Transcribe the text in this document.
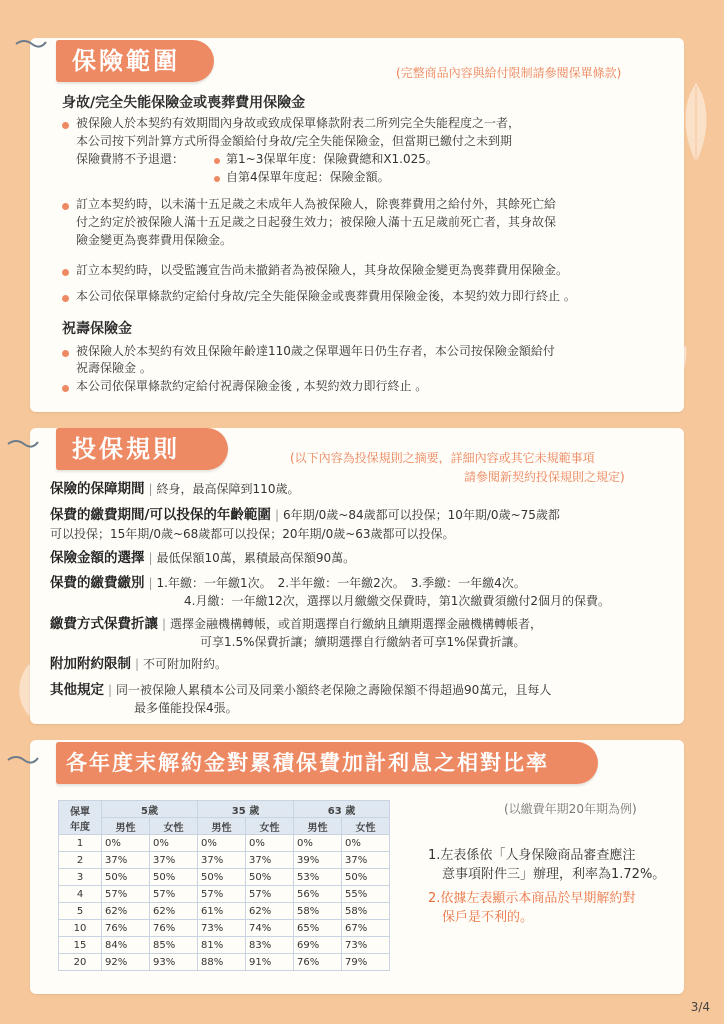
保險範圍	(完整商品內容與給付限制請參閱保單條款)
身故/完全失能保險金或喪葬費用保險金
被保險人於本契約有效期間內身故或致成保單條款附表二所列完全失能程度之一者，
本公司按下列計算方式所得金額給付身故/完全失能保險金，但當期已繳付之未到期
保險費將不予退還：	第1~3保單年度：保險費總和X1.025。
自第4保單年度起：保險金額。
訂立本契約時，以未滿十五足歲之未成年人為被保險人，除喪葬費用之給付外，其餘死亡給
付之約定於被保險人滿十五足歲之日起發生效力；被保險人滿十五足歲前死亡者，其身故保
險金變更為喪葬費用保險金。
訂立本契約時，以受監護宣告尚未撤銷者為被保險人，其身故保險金變更為喪葬費用保險金。
本公司依保單條款約定給付身故/完全失能保險金或喪葬費用保險金後，本契約效力即行終止 。
祝壽保險金
被保險人於本契約有效且保險年齡達110歲之保單週年日仍生存者，本公司按保險金額給付
祝壽保險金 。
本公司依保單條款約定給付祝壽保險金後 , 本契約效力即行終止 。
投保規則	(以下內容為投保規則之摘要，詳細內容或其它未規範事項
請參閱新契約投保規則之規定)
保險的保障期間 | 終身，最高保障到110歲。
保費的繳費期間/可以投保的年齡範圍 | 6年期/0歲~84歲都可以投保；10年期/0歲~75歲都
可以投保；15年期/0歲~68歲都可以投保；20年期/0歲~63歲都可以投保。
保險金額的選擇 | 最低保額10萬，累積最高保額90萬。
保費的繳費繳別 | 1.年繳：一年繳1次。　2.半年繳：一年繳2次。　3.季繳：一年繳4次。
4.月繳：一年繳12次，選擇以月繳繳交保費時，第1次繳費須繳付2個月的保費。
繳費方式保費折讓 | 選擇金融機構轉帳，或首期選擇自行繳納且續期選擇金融機構轉帳者，
可享1.5%保費折讓；續期選擇自行繳納者可享1%保費折讓。
附加附約限制 | 不可附加附約。
其他規定 | 同一被保險人累積本公司及同業小額終老保險之壽險保額不得超過90萬元，且每人
最多僅能投保4張。
各年度末解約金對累積保費加計利息之相對比率
(以繳費年期20年期為例)
保單
年度	5歲		35 歲		63 歲	
	男性	女性	男性	女性	男性	女性
1	0%	0%	0%	0%	0%	0%
2	37%	37%	37%	37%	39%	37%
3	50%	50%	50%	50%	53%	50%
4	57%	57%	57%	57%	56%	55%
5	62%	62%	61%	62%	58%	58%
10	76%	76%	73%	74%	65%	67%
15	84%	85%	81%	83%	69%	73%
20	92%	93%	88%	91%	76%	79%
1.左表係依「人身保險商品審查應注
意事項附件三」辦理，利率為1.72%。
2.依據左表顯示本商品於早期解約對
保戶是不利的。
3/4
